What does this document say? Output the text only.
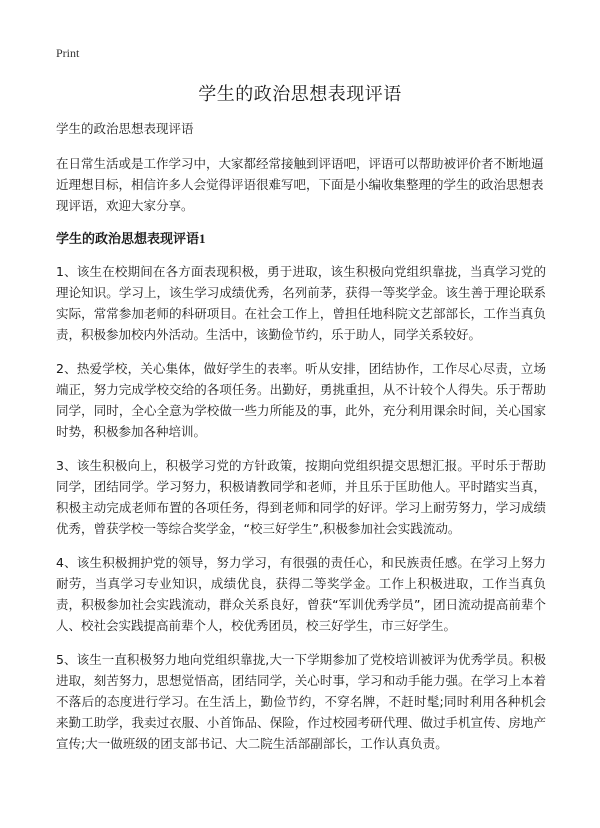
Print
学生的政治思想表现评语

学生的政治思想表现评语

在日常生活或是工作学习中，大家都经常接触到评语吧，评语可以帮助被评价者不断地逼近理想目标，相信许多人会觉得评语很难写吧，下面是小编收集整理的学生的政治思想表现评语，欢迎大家分享。

学生的政治思想表现评语1

1、该生在校期间在各方面表现积极，勇于进取，该生积极向党组织靠拢，当真学习党的理论知识。学习上，该生学习成绩优秀，名列前茅，获得一等奖学金。该生善于理论联系实际，常常参加老师的科研项目。在社会工作上，曾担任地科院文艺部部长，工作当真负责，积极参加校内外活动。生活中，该勤俭节约，乐于助人，同学关系较好。

2、热爱学校，关心集体，做好学生的表率。听从安排，团结协作，工作尽心尽责，立场端正，努力完成学校交给的各项任务。出勤好，勇挑重担，从不计较个人得失。乐于帮助同学，同时，全心全意为学校做一些力所能及的事，此外，充分利用课余时间，关心国家时势，积极参加各种培训。

3、该生积极向上，积极学习党的方针政策，按期向党组织提交思想汇报。平时乐于帮助同学，团结同学。学习努力，积极请教同学和老师，并且乐于匡助他人。平时踏实当真，积极主动完成老师布置的各项任务，得到老师和同学的好评。学习上耐劳努力，学习成绩优秀，曾获学校一等综合奖学金，“校三好学生”,积极参加社会实践流动。

4、该生积极拥护党的领导，努力学习，有很强的责任心，和民族责任感。在学习上努力耐劳，当真学习专业知识，成绩优良，获得二等奖学金。工作上积极进取，工作当真负责，积极参加社会实践流动，群众关系良好，曾获“军训优秀学员”，团日流动提高前辈个人、校社会实践提高前辈个人，校优秀团员，校三好学生，市三好学生。

5、该生一直积极努力地向党组织靠拢,大一下学期参加了党校培训被评为优秀学员。积极进取，刻苦努力，思想觉悟高，团结同学，关心时事，学习和动手能力强。在学习上本着不落后的态度进行学习。在生活上，勤俭节约，不穿名牌，不赶时髦;同时利用各种机会来勤工助学，我卖过衣服、小首饰品、保险，作过校园考研代理、做过手机宣传、房地产宣传;大一做班级的团支部书记、大二院生活部副部长，工作认真负责。
